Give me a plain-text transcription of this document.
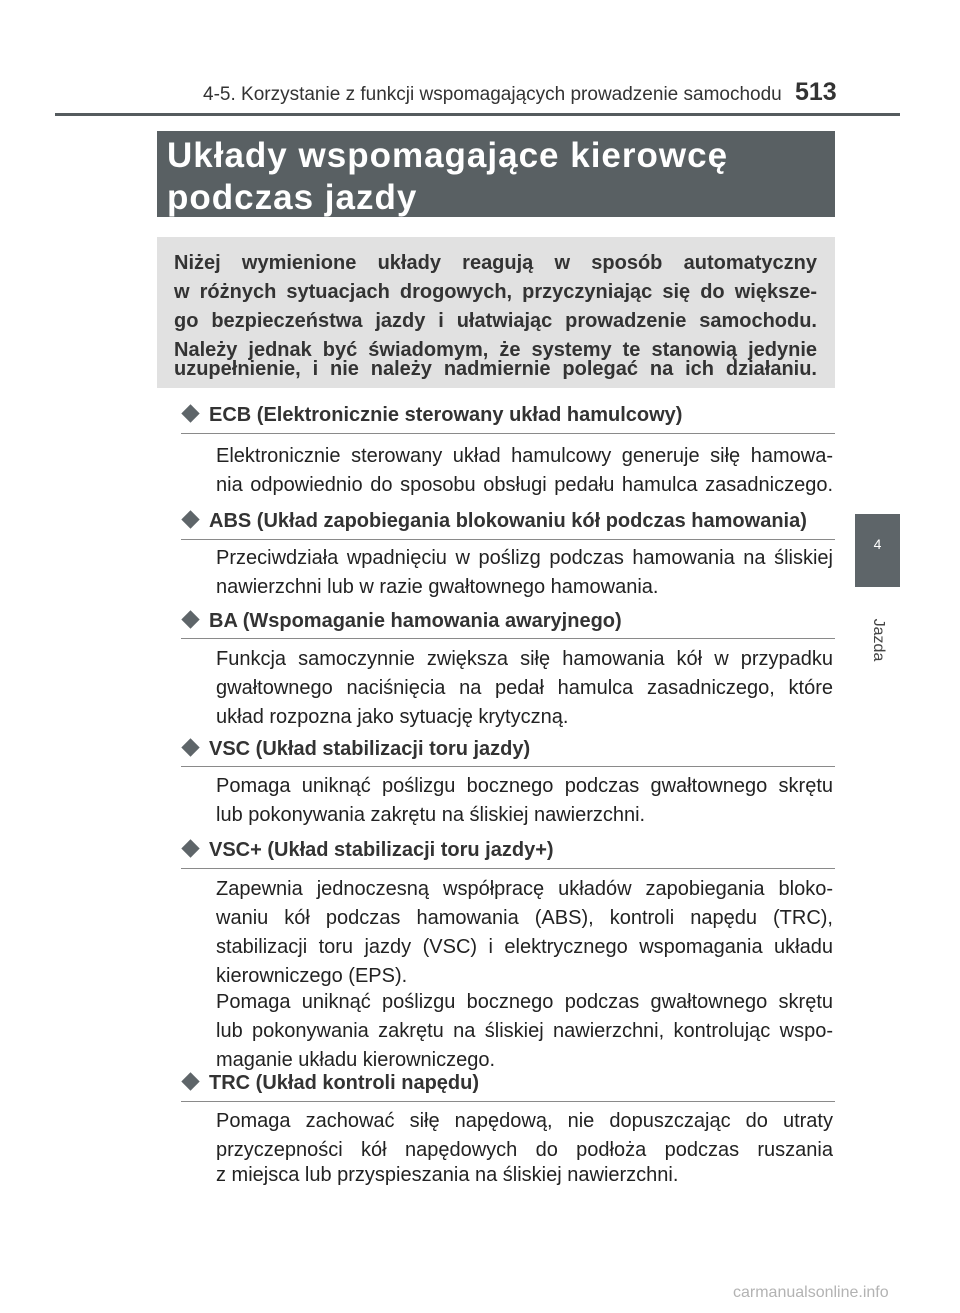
4-5. Korzystanie z funkcji wspomagających prowadzenie samochodu 513
Układy wspomagające kierowcę
podczas jazdy
Niżej wymienione układy reagują w sposób automatyczny
w różnych sytuacjach drogowych, przyczyniając się do większe-
go bezpieczeństwa jazdy i ułatwiając prowadzenie samochodu.
Należy jednak być świadomym, że systemy te stanowią jedynie
uzupełnienie, i nie należy nadmiernie polegać na ich działaniu.
ECB (Elektronicznie sterowany układ hamulcowy)
Elektronicznie sterowany układ hamulcowy generuje siłę hamowa-
nia odpowiednio do sposobu obsługi pedału hamulca zasadniczego.
ABS (Układ zapobiegania blokowaniu kół podczas hamowania)
Przeciwdziała wpadnięciu w poślizg podczas hamowania na śliskiej
nawierzchni lub w razie gwałtownego hamowania.
BA (Wspomaganie hamowania awaryjnego)
Funkcja samoczynnie zwiększa siłę hamowania kół w przypadku
gwałtownego naciśnięcia na pedał hamulca zasadniczego, które
układ rozpozna jako sytuację krytyczną.
VSC (Układ stabilizacji toru jazdy)
Pomaga uniknąć poślizgu bocznego podczas gwałtownego skrętu
lub pokonywania zakrętu na śliskiej nawierzchni.
VSC+ (Układ stabilizacji toru jazdy+)
Zapewnia jednoczesną współpracę układów zapobiegania bloko-
waniu kół podczas hamowania (ABS), kontroli napędu (TRC),
stabilizacji toru jazdy (VSC) i elektrycznego wspomagania układu
kierowniczego (EPS).
Pomaga uniknąć poślizgu bocznego podczas gwałtownego skrętu
lub pokonywania zakrętu na śliskiej nawierzchni, kontrolując wspo-
maganie układu kierowniczego.
TRC (Układ kontroli napędu)
Pomaga zachować siłę napędową, nie dopuszczając do utraty
przyczepności kół napędowych do podłoża podczas ruszania
z miejsca lub przyspieszania na śliskiej nawierzchni.
4
Jazda
carmanualsonline.info
